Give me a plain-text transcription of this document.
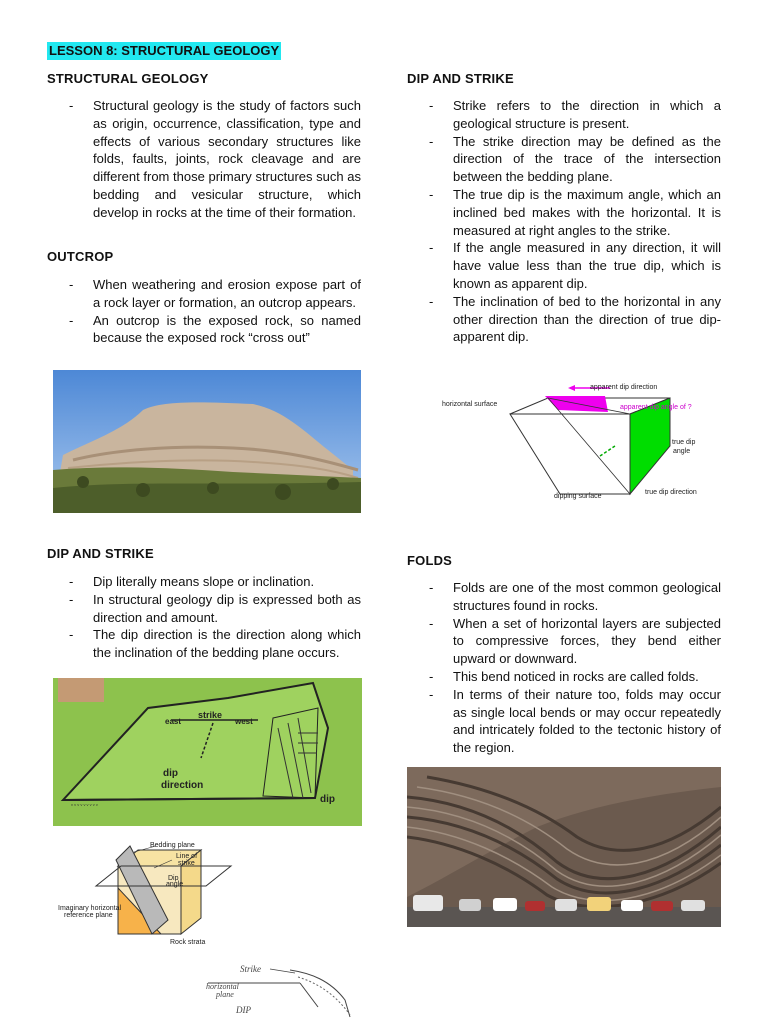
LESSON 8: STRUCTURAL GEOLOGY
STRUCTURAL GEOLOGY
- Structural geology is the study of factors such as origin, occurrence, classification, type and effects of various secondary structures like folds, faults, joints, rock cleavage and are different from those primary structures such as bedding and vesicular structure, which develop in rocks at the time of their formation.
OUTCROP
- When weathering and erosion expose part of a rock layer or formation, an outcrop appears.
- An outcrop is the exposed rock, so named because the exposed rock “cross out”
DIP AND STRIKE
- Dip literally means slope or inclination.
- In structural geology dip is expressed both as direction and amount.
- The dip direction is the direction along which the inclination of the bedding plane occurs.
v v v v v v v v v
strike
east	west
dip
direction
dip
Bedding plane
Line of
strike
Dip
angle
Imaginary horizontal
reference plane
Rock strata
Strike
horizontal
plane
DIP
DIP AND STRIKE
- Strike refers to the direction in which a geological structure is present.
- The strike direction may be defined as the direction of the trace of the intersection between the bedding plane.
- The true dip is the maximum angle, which an inclined bed makes with the horizontal. It is measured at right angles to the strike.
- If the angle measured in any direction, it will have value less than the true dip, which is known as apparent dip.
- The inclination of bed to the horizontal in any other direction than the direction of true dip-apparent dip.
apparent dip direction
horizontal surface	apparent dip angle of ?
true dip
angle
dipping surface
true dip direction
FOLDS
- Folds are one of the most common geological structures found in rocks.
- When a set of horizontal layers are subjected to compressive forces, they bend either upward or downward.
- This bend noticed in rocks are called folds.
- In terms of their nature too, folds may occur as single local bends or may occur repeatedly and intricately folded to the tectonic history of the region.
